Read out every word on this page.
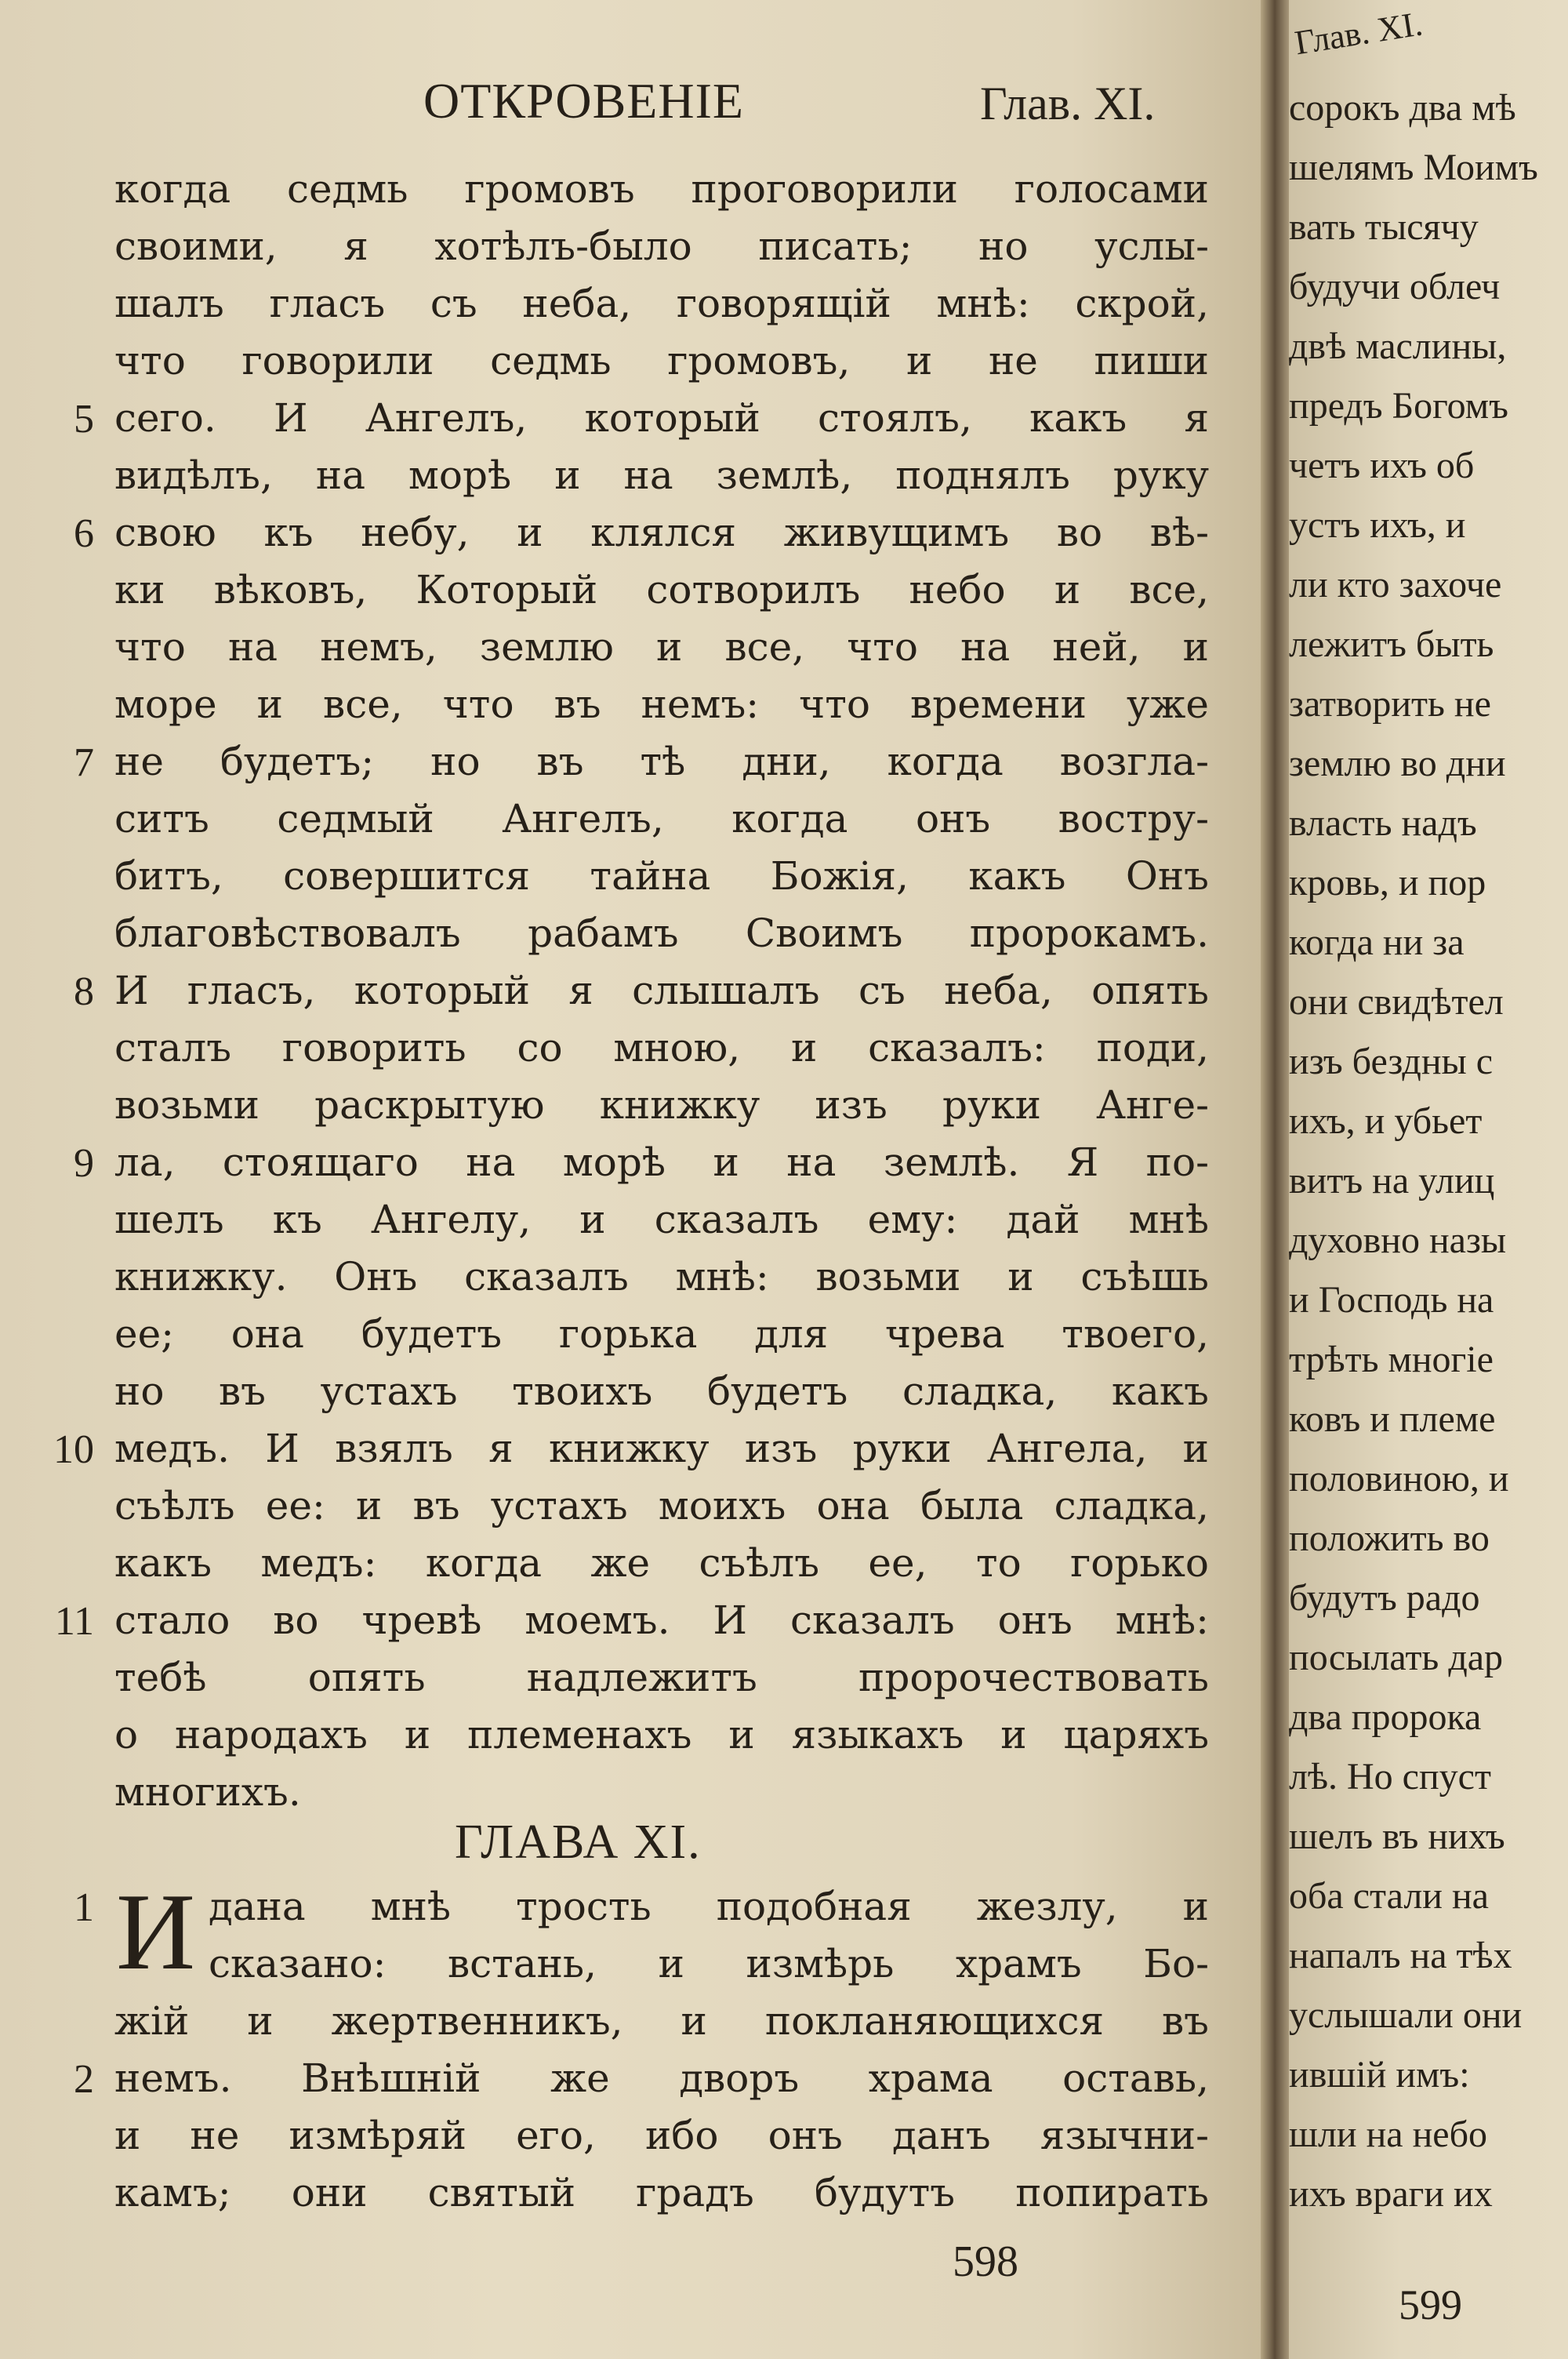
ОТКРОВЕНІЕ	Глав. XI.
5
6
7
8
9
10
11
1
2
когда седмь громовъ проговорили голосами
своими, я хотѣлъ-было писать; но услы-
шалъ гласъ съ неба, говорящій мнѣ: скрой,
что говорили седмь громовъ, и не пиши
сего. И Ангелъ, который стоялъ, какъ я
видѣлъ, на морѣ и на землѣ, поднялъ руку
свою къ небу, и клялся живущимъ во вѣ-
ки вѣковъ, Который сотворилъ небо и все,
что на немъ, землю и все, что на ней, и
море и все, что въ немъ: что времени уже
не будетъ; но въ тѣ дни, когда возгла-
ситъ седмый Ангелъ, когда онъ востру-
битъ, совершится тайна Божія, какъ Онъ
благовѣствовалъ рабамъ Своимъ пророкамъ.
И гласъ, который я слышалъ съ неба, опять
сталъ говорить со мною, и сказалъ: поди,
возьми раскрытую книжку изъ руки Анге-
ла, стоящаго на морѣ и на землѣ. Я по-
шелъ къ Ангелу, и сказалъ ему: дай мнѣ
книжку. Онъ сказалъ мнѣ: возьми и съѣшь
ее; она будетъ горька для чрева твоего,
но въ устахъ твоихъ будетъ сладка, какъ
медъ. И взялъ я книжку изъ руки Ангела, и
съѣлъ ее: и въ устахъ моихъ она была сладка,
какъ медъ: когда же съѣлъ ее, то горько
стало во чревѣ моемъ. И сказалъ онъ мнѣ:
тебѣ опять надлежитъ пророчествовать
о народахъ и племенахъ и языкахъ и царяхъ
многихъ.
ГЛАВА XI.
И дана мнѣ трость подобная жезлу, и
сказано: встань, и измѣрь храмъ Бо-
жій и жертвенникъ, и покланяющихся въ
немъ. Внѣшній же дворъ храма оставь,
и не измѣряй его, ибо онъ данъ язычни-
камъ; они святый градъ будутъ попирать
598
Глав. XI.
сорокъ два мѣ
шелямъ Моимъ
вать тысячу
будучи облеч
двѣ маслины,
предъ Богомъ
четъ ихъ об
устъ ихъ, и
ли кто захоче
лежитъ быть
затворить не
землю во дни
власть надъ
кровь, и пор
когда ни за
они свидѣтел
изъ бездны с
ихъ, и убьет
витъ на улиц
духовно назы
и Господь на
трѣть многіе
ковъ и племе
половиною, и
положить во
будутъ радо
посылать дар
два пророка
лѣ. Но спуст
шелъ въ нихъ
оба стали на
напалъ на тѣх
услышали они
ившій имъ:
шли на небо
ихъ враги их
599
